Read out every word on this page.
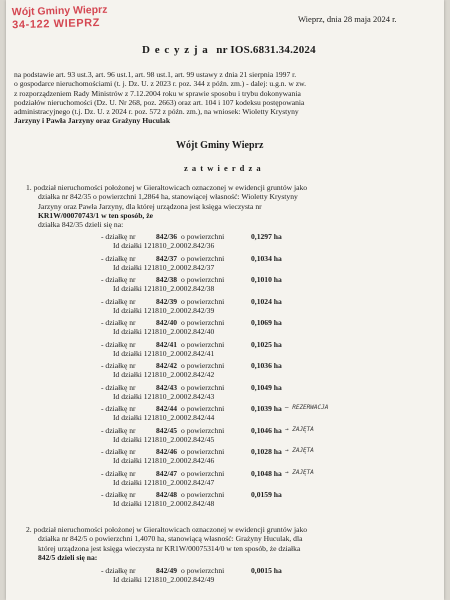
Wójt Gminy Wieprz
34-122 WIEPRZ	Wieprz, dnia 28 maja 2024 r.
D e c y z j a nr IOS.6831.34.2024
na podstawie art. 93 ust.3, art. 96 ust.1, art. 98 ust.1, art. 99 ustawy z dnia 21 sierpnia 1997 r.
o gospodarce nieruchomościami (t. j. Dz. U. z 2023 r. poz. 344 z późn. zm.) - dalej: u.g.n. w zw.
z rozporządzeniem Rady Ministrów z 7.12.2004 roku w sprawie sposobu i trybu dokonywania
podziałów nieruchomości (Dz. U. Nr 268, poz. 2663) oraz art. 104 i 107 kodeksu postępowania
administracyjnego (t.j. Dz. U. z 2024 r. poz. 572 z późn. zm.), na wniosek: Wioletty Krystyny
Jarzyny i Pawła Jarzyny oraz Grażyny Huculak
Wójt Gminy Wieprz
z a t w i e r d z a
1. podział nieruchomości położonej w Gierałtowicach oznaczonej w ewidencji gruntów jako
działka nr 842/35 o powierzchni 1,2864 ha, stanowiącej własność: Wioletty Krystyny
Jarzyny oraz Pawła Jarzyny, dla której urządzona jest księga wieczysta nr
KR1W/00070743/1 w ten sposób, że
działka 842/35 dzieli się na:
- działkę nr	842/36 o powierzchni	0,1297 ha
Id działki 121810_2.0002.842/36
- działkę nr	842/37 o powierzchni	0,1034 ha
Id działki 121810_2.0002.842/37
- działkę nr	842/38 o powierzchni	0,1010 ha
Id działki 121810_2.0002.842/38
- działkę nr	842/39 o powierzchni	0,1024 ha
Id działki 121810_2.0002.842/39
- działkę nr	842/40 o powierzchni	0,1069 ha
Id działki 121810_2.0002.842/40
- działkę nr	842/41 o powierzchni	0,1025 ha
Id działki 121810_2.0002.842/41
- działkę nr	842/42 o powierzchni	0,1036 ha
Id działki 121810_2.0002.842/42
- działkę nr	842/43 o powierzchni	0,1049 ha
Id działki 121810_2.0002.842/43
- działkę nr	842/44 o powierzchni	0,1039 ha – REZERWACJA
Id działki 121810_2.0002.842/44
- działkę nr	842/45 o powierzchni	0,1046 ha → ZAJĘTA
Id działki 121810_2.0002.842/45
- działkę nr	842/46 o powierzchni	0,1028 ha → ZAJĘTA
Id działki 121810_2.0002.842/46
- działkę nr	842/47 o powierzchni	0,1048 ha → ZAJĘTA
Id działki 121810_2.0002.842/47
- działkę nr	842/48 o powierzchni	0,0159 ha
Id działki 121810_2.0002.842/48
2. podział nieruchomości położonej w Gierałtowicach oznaczonej w ewidencji gruntów jako
działka nr 842/5 o powierzchni 1,4070 ha, stanowiącą własność: Grażyny Huculak, dla
której urządzona jest księga wieczysta nr KR1W/00075314/0 w ten sposób, że działka
842/5 dzieli się na:
- działkę nr	842/49 o powierzchni	0,0015 ha
Id działki 121810_2.0002.842/49
